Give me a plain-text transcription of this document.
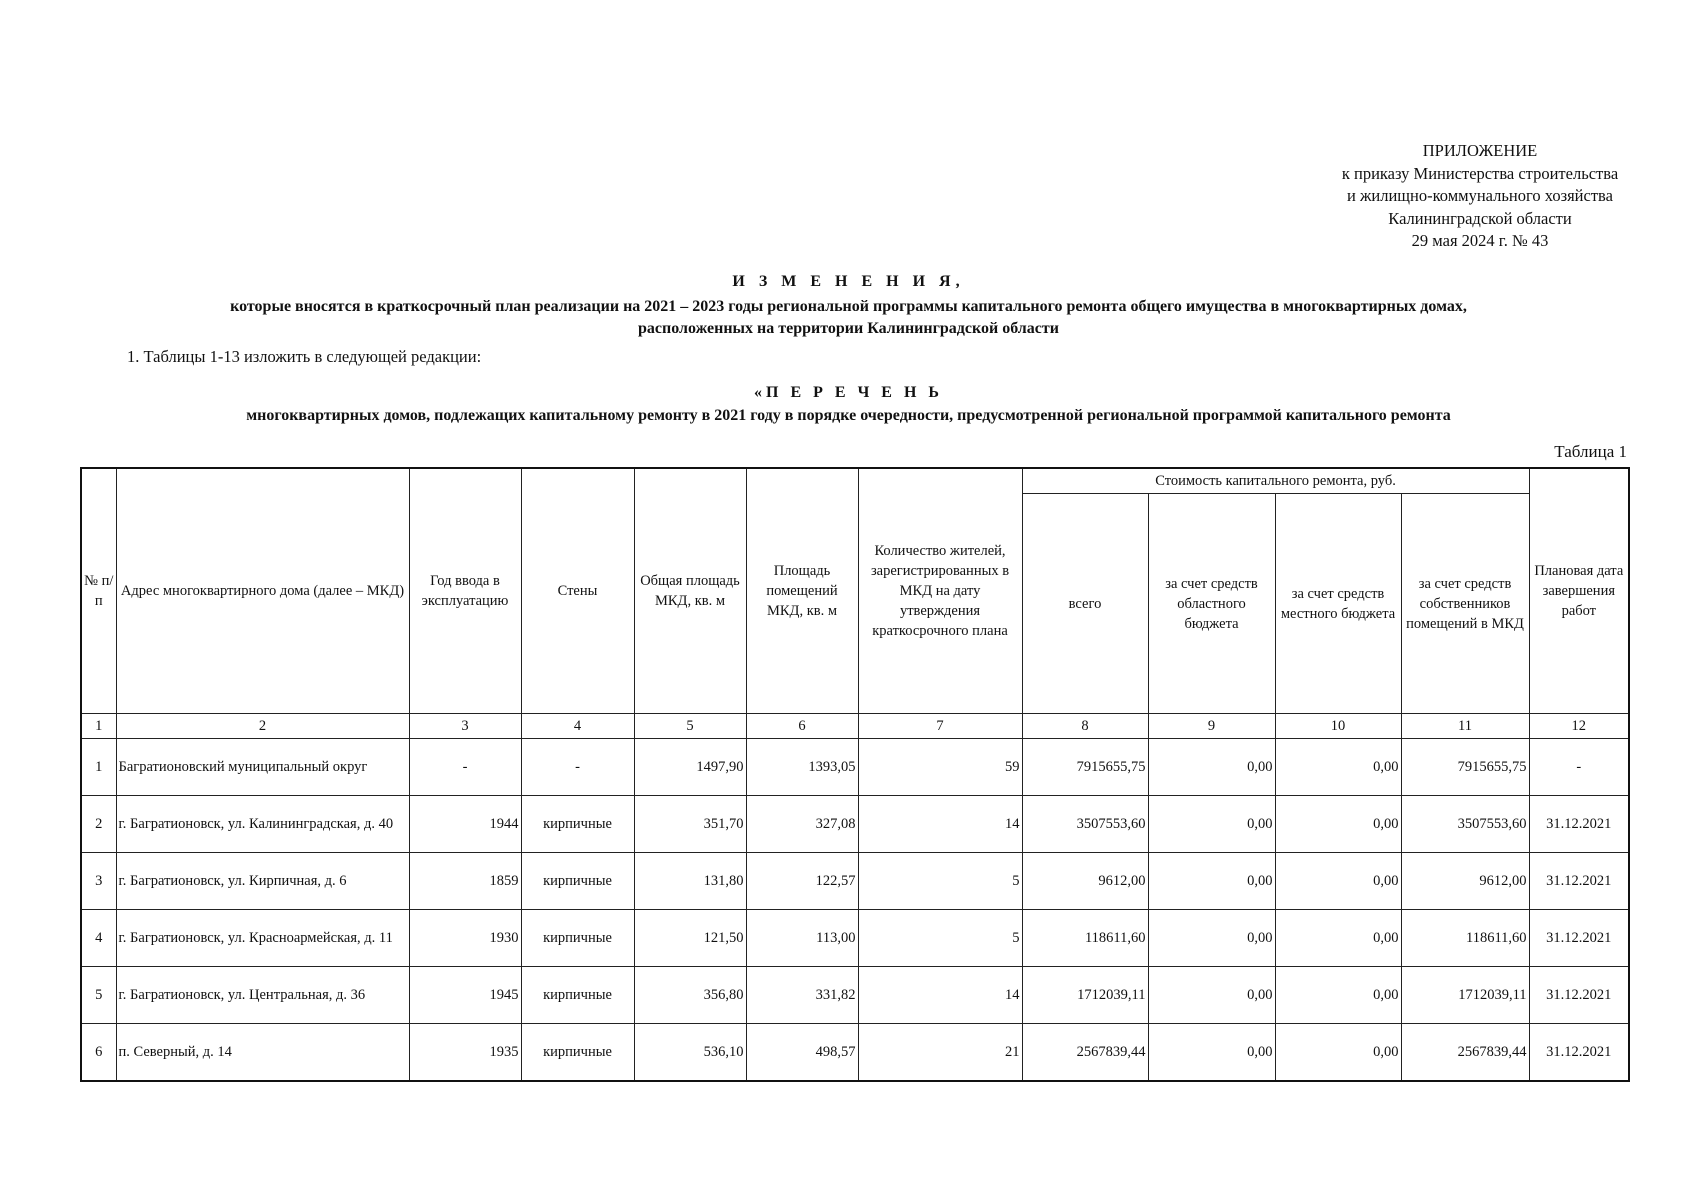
ПРИЛОЖЕНИЕ
к приказу Министерства строительства
и жилищно-коммунального хозяйства
Калининградской области
29 мая 2024 г. № 43
И З М Е Н Е Н И Я,
которые вносятся в краткосрочный план реализации на 2021 – 2023 годы региональной программы капитального ремонта общего имущества в многоквартирных домах,
расположенных на территории Калининградской области
1. Таблицы 1-13 изложить в следующей редакции:
«П Е Р Е Ч Е Н Ь
многоквартирных домов, подлежащих капитальному ремонту в 2021 году в порядке очередности, предусмотренной региональной программой капитального ремонта
Таблица 1
№ п/п	Адрес многоквартирного дома (далее – МКД)	Год ввода в эксплуатацию	Стены	Общая площадь МКД, кв. м	Площадь помещений МКД, кв. м	Количество жителей, зарегистрированных в МКД на дату утверждения краткосрочного плана	Стоимость капитального ремонта, руб.				Плановая дата завершения работ
							всего	за счет средств областного бюджета	за счет средств местного бюджета	за счет средств собственников помещений в МКД	
1	2	3	4	5	6	7	8	9	10	11	12
1	Багратионовский муниципальный округ	-	-	1497,90	1393,05	59	7915655,75	0,00	0,00	7915655,75	-
2	г. Багратионовск, ул. Калининградская, д. 40	1944	кирпичные	351,70	327,08	14	3507553,60	0,00	0,00	3507553,60	31.12.2021
3	г. Багратионовск, ул. Кирпичная, д. 6	1859	кирпичные	131,80	122,57	5	9612,00	0,00	0,00	9612,00	31.12.2021
4	г. Багратионовск, ул. Красноармейская, д. 11	1930	кирпичные	121,50	113,00	5	118611,60	0,00	0,00	118611,60	31.12.2021
5	г. Багратионовск, ул. Центральная, д. 36	1945	кирпичные	356,80	331,82	14	1712039,11	0,00	0,00	1712039,11	31.12.2021
6	п. Северный, д. 14	1935	кирпичные	536,10	498,57	21	2567839,44	0,00	0,00	2567839,44	31.12.2021
